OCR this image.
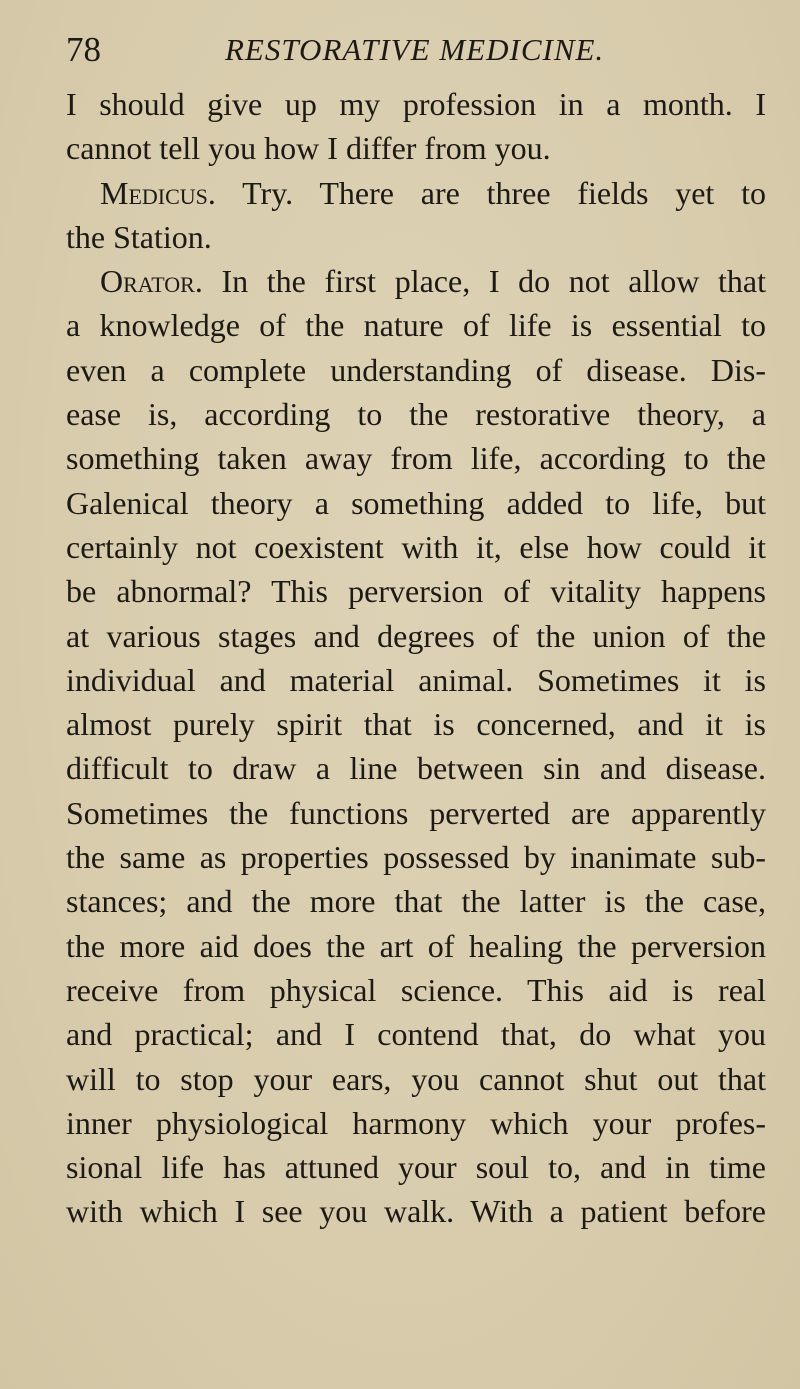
78	RESTORATIVE MEDICINE.
I should give up my profession in a month. I
cannot tell you how I differ from you.
Medicus. Try. There are three fields yet to
the Station.
Orator. In the first place, I do not allow that
a knowledge of the nature of life is essential to
even a complete understanding of disease. Dis-
ease is, according to the restorative theory, a
something taken away from life, according to the
Galenical theory a something added to life, but
certainly not coexistent with it, else how could it
be abnormal? This perversion of vitality happens
at various stages and degrees of the union of the
individual and material animal. Sometimes it is
almost purely spirit that is concerned, and it is
difficult to draw a line between sin and disease.
Sometimes the functions perverted are apparently
the same as properties possessed by inanimate sub-
stances; and the more that the latter is the case,
the more aid does the art of healing the perversion
receive from physical science. This aid is real
and practical; and I contend that, do what you
will to stop your ears, you cannot shut out that
inner physiological harmony which your profes-
sional life has attuned your soul to, and in time
with which I see you walk. With a patient before
